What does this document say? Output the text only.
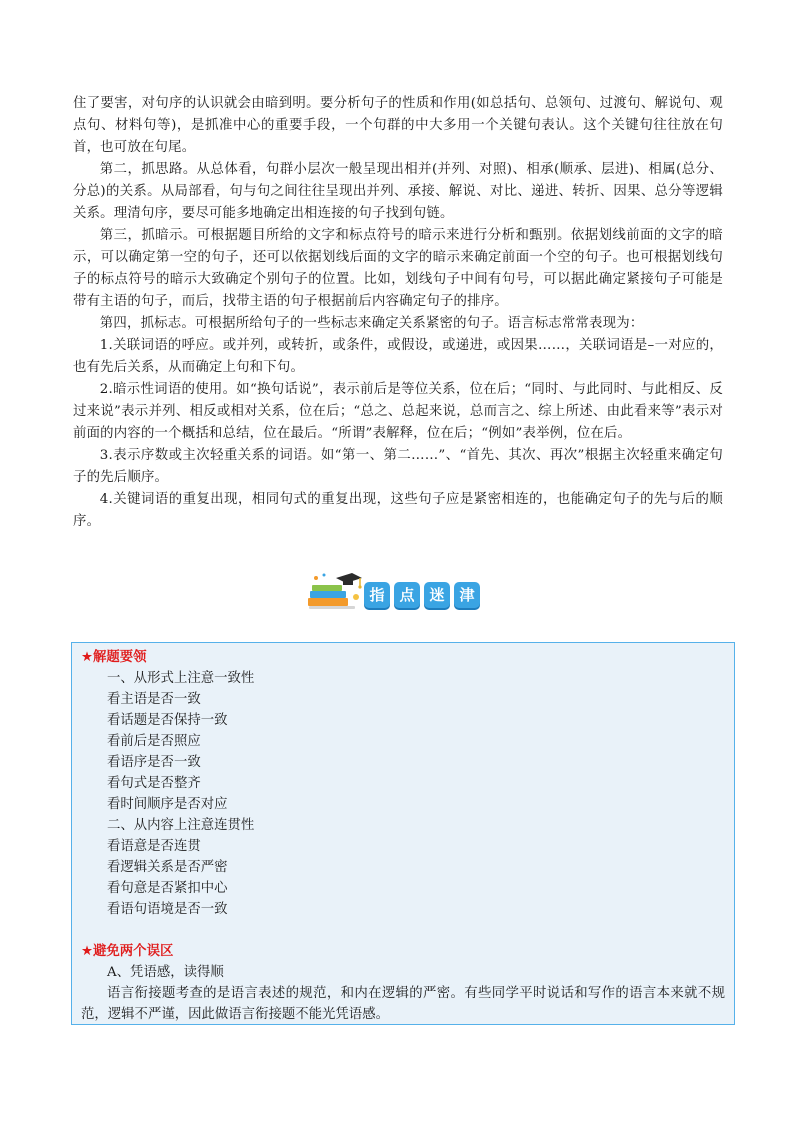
住了要害，对句序的认识就会由暗到明。要分析句子的性质和作用(如总括句、总领句、过渡句、解说句、观点句、材料句等)，是抓准中心的重要手段，一个句群的中大多用一个关键句表认。这个关键句往往放在句首，也可放在句尾。

第二，抓思路。从总体看，句群小层次一般呈现出相并(并列、对照)、相承(顺承、层进)、相属(总分、分总)的关系。从局部看，句与句之间往往呈现出并列、承接、解说、对比、递进、转折、因果、总分等逻辑关系。理清句序，要尽可能多地确定出相连接的句子找到句链。

第三，抓暗示。可根据题目所给的文字和标点符号的暗示来进行分析和甄别。依据划线前面的文字的暗示，可以确定第一空的句子，还可以依据划线后面的文字的暗示来确定前面一个空的句子。也可根据划线句子的标点符号的暗示大致确定个别句子的位置。比如，划线句子中间有句号，可以据此确定紧接句子可能是带有主语的句子，而后，找带主语的句子根据前后内容确定句子的排序。

第四，抓标志。可根据所给句子的一些标志来确定关系紧密的句子。语言标志常常表现为：

1.关联词语的呼应。或并列，或转折，或条件，或假设，或递进，或因果……，关联词语是–一对应的，也有先后关系，从而确定上句和下句。

2.暗示性词语的使用。如“换句话说”，表示前后是等位关系，位在后；“同时、与此同时、与此相反、反过来说”表示并列、相反或相对关系，位在后；“总之、总起来说，总而言之、综上所述、由此看来等”表示对前面的内容的一个概括和总结，位在最后。“所谓”表解释，位在后；“例如”表举例，位在后。

3.表示序数或主次轻重关系的词语。如“第一、第二……”、“首先、其次、再次”根据主次轻重来确定句子的先后顺序。

4.关键词语的重复出现，相同句式的重复出现，这些句子应是紧密相连的，也能确定句子的先与后的顺序。

指 点 迷 津
★解题要领
一、从形式上注意一致性
看主语是否一致
看话题是否保持一致
看前后是否照应
看语序是否一致
看句式是否整齐
看时间顺序是否对应
二、从内容上注意连贯性
看语意是否连贯
看逻辑关系是否严密
看句意是否紧扣中心
看语句语境是否一致
★避免两个误区
A、凭语感，读得顺
语言衔接题考查的是语言表述的规范，和内在逻辑的严密。有些同学平时说话和写作的语言本来就不规范，逻辑不严谨，因此做语言衔接题不能光凭语感。
